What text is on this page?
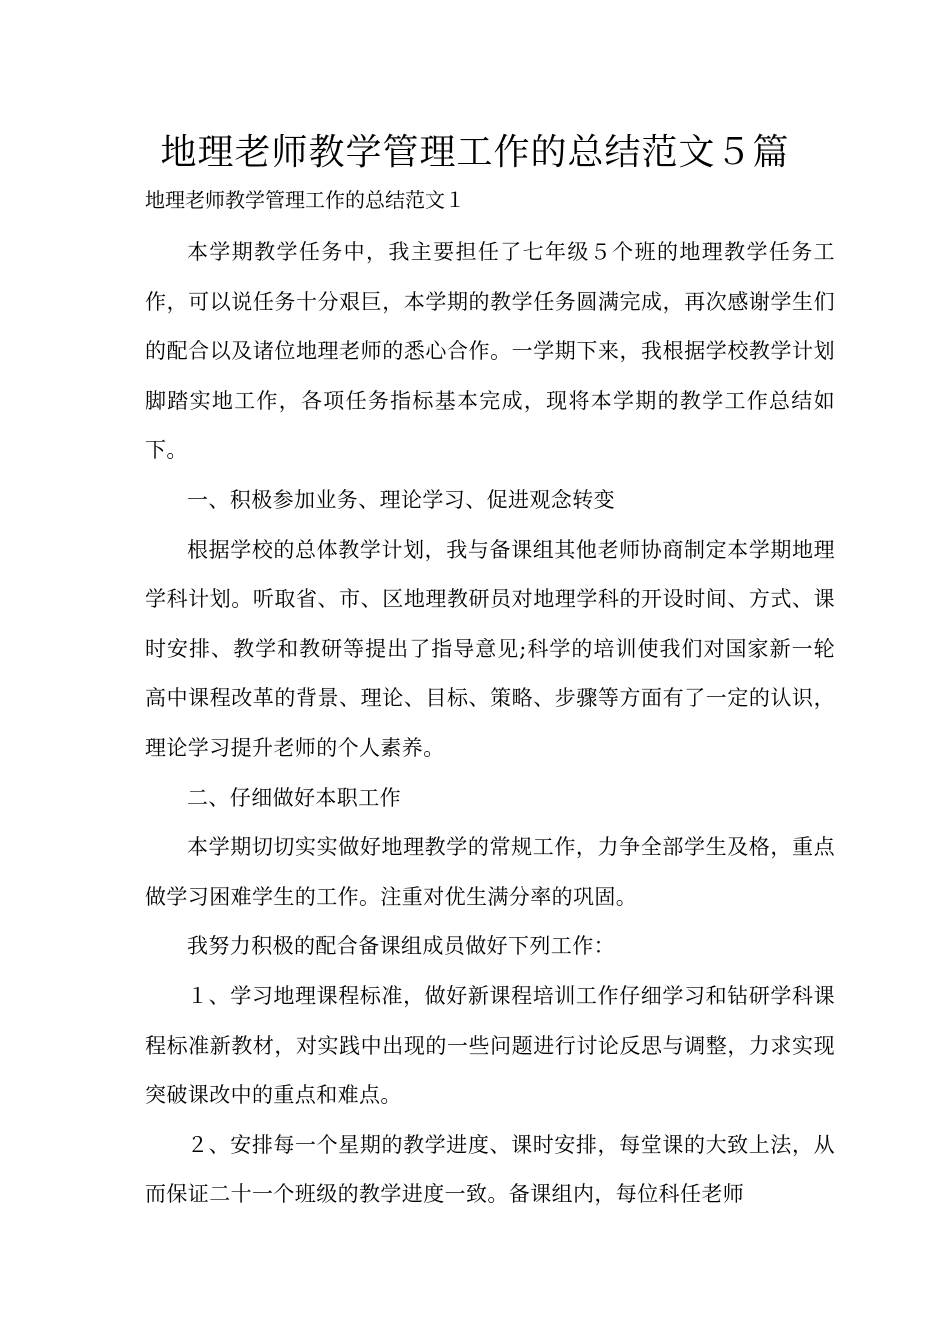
地理老师教学管理工作的总结范文５篇
地理老师教学管理工作的总结范文１

本学期教学任务中，我主要担任了七年级５个班的地理教学任务工作，可以说任务十分艰巨，本学期的教学任务圆满完成，再次感谢学生们的配合以及诸位地理老师的悉心合作。一学期下来，我根据学校教学计划脚踏实地工作，各项任务指标基本完成，现将本学期的教学工作总结如下。

一、积极参加业务、理论学习、促进观念转变

根据学校的总体教学计划，我与备课组其他老师协商制定本学期地理学科计划。听取省、市、区地理教研员对地理学科的开设时间、方式、课时安排、教学和教研等提出了指导意见;科学的培训使我们对国家新一轮高中课程改革的背景、理论、目标、策略、步骤等方面有了一定的认识，理论学习提升老师的个人素养。

二、仔细做好本职工作

本学期切切实实做好地理教学的常规工作，力争全部学生及格，重点做学习困难学生的工作。注重对优生满分率的巩固。

我努力积极的配合备课组成员做好下列工作：

１、学习地理课程标准，做好新课程培训工作仔细学习和钻研学科课程标准新教材，对实践中出现的一些问题进行讨论反思与调整，力求实现突破课改中的重点和难点。

２、安排每一个星期的教学进度、课时安排，每堂课的大致上法，从而保证二十一个班级的教学进度一致。备课组内，每位科任老师
